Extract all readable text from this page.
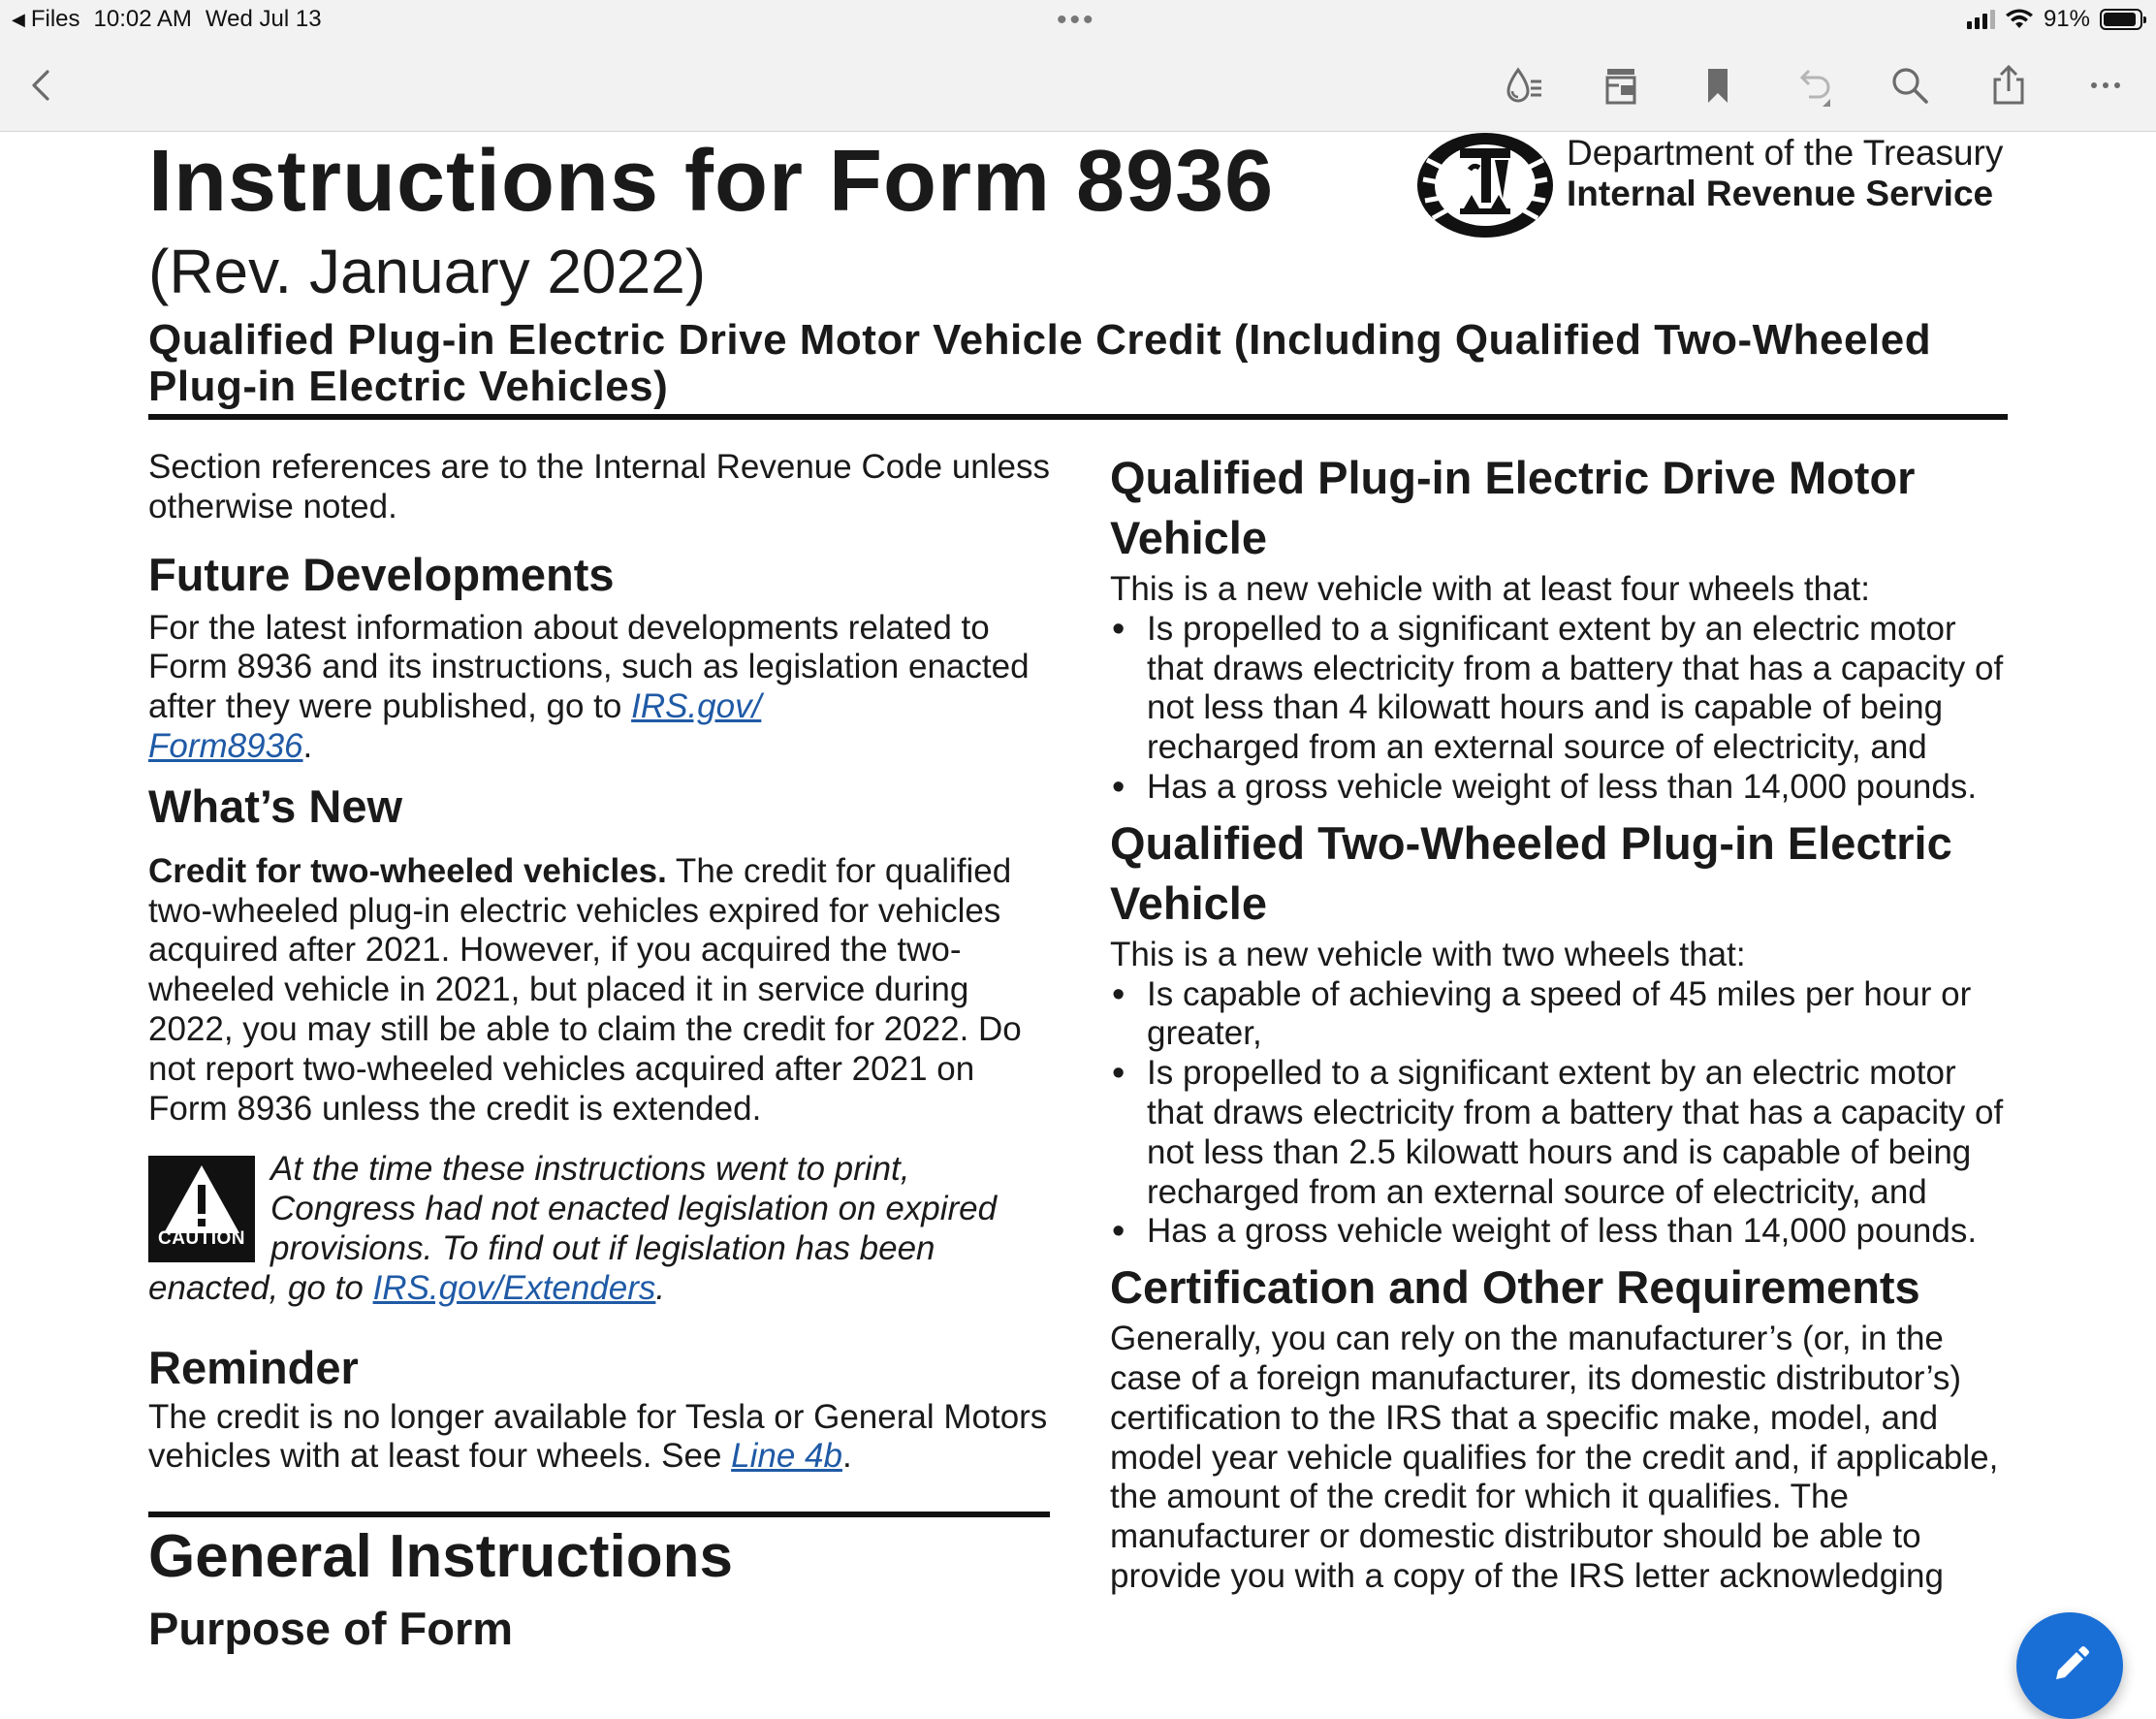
◀ Files 10:02 AM Wed Jul 13	•••	91%
Instructions for Form 8936
(Rev. January 2022)
Qualified Plug-in Electric Drive Motor Vehicle Credit (Including Qualified Two-Wheeled Plug-in Electric Vehicles)
Department of the Treasury
Internal Revenue Service

Section references are to the Internal Revenue Code unless otherwise noted.

Future Developments

For the latest information about developments related to Form 8936 and its instructions, such as legislation enacted after they were published, go to IRS.gov/
Form8936.

What’s New

Credit for two-wheeled vehicles. The credit for qualified two-wheeled plug-in electric vehicles expired for vehicles acquired after 2021. However, if you acquired the two-wheeled vehicle in 2021, but placed it in service during 2022, you may still be able to claim the credit for 2022. Do not report two-wheeled vehicles acquired after 2021 on Form 8936 unless the credit is extended.

CAUTION

At the time these instructions went to print, Congress had not enacted legislation on expired provisions. To find out if legislation has been enacted, go to IRS.gov/Extenders.

Reminder

The credit is no longer available for Tesla or General Motors vehicles with at least four wheels. See Line 4b.

General Instructions
Purpose of Form
Qualified Plug-in Electric Drive Motor Vehicle

This is a new vehicle with at least four wheels that:

• Is propelled to a significant extent by an electric motor that draws electricity from a battery that has a capacity of not less than 4 kilowatt hours and is capable of being recharged from an external source of electricity, and

• Has a gross vehicle weight of less than 14,000 pounds.

Qualified Two-Wheeled Plug-in Electric Vehicle

This is a new vehicle with two wheels that:

• Is capable of achieving a speed of 45 miles per hour or greater,

• Is propelled to a significant extent by an electric motor that draws electricity from a battery that has a capacity of not less than 2.5 kilowatt hours and is capable of being recharged from an external source of electricity, and

• Has a gross vehicle weight of less than 14,000 pounds.

Certification and Other Requirements

Generally, you can rely on the manufacturer’s (or, in the case of a foreign manufacturer, its domestic distributor’s) certification to the IRS that a specific make, model, and model year vehicle qualifies for the credit and, if applicable, the amount of the credit for which it qualifies. The manufacturer or domestic distributor should be able to provide you with a copy of the IRS letter acknowledging
